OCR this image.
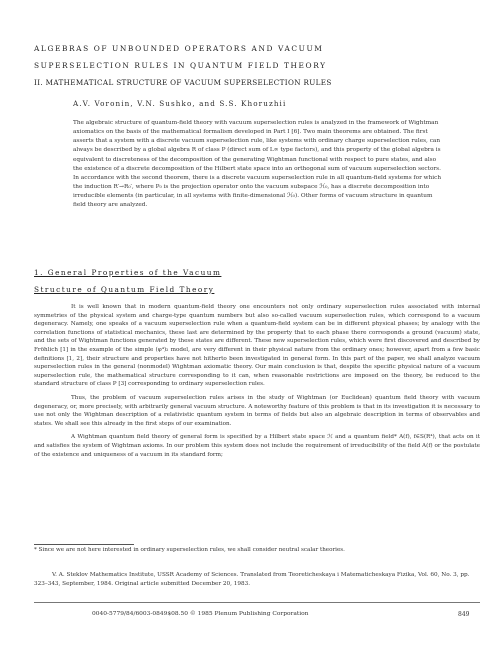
ALGEBRAS OF UNBOUNDED OPERATORS AND VACUUM
SUPERSELECTION RULES IN QUANTUM FIELD THEORY
II. MATHEMATICAL STRUCTURE OF VACUUM SUPERSELECTION RULES
A.V. Voronin, V.N. Sushko, and S.S. Khoruzhii

The algebraic structure of quantum-field theory with vacuum superselection rules is analyzed in the framework of Wightman axiomatics on the basis of the mathematical formalism developed in Part I [6]. Two main theorems are obtained. The first asserts that a system with a discrete vacuum superselection rule, like systems with ordinary charge superselection rules, can always be described by a global algebra R of class P (direct sum of L∞ type factors), and this property of the global algebra is equivalent to discreteness of the decomposition of the generating Wightman functional with respect to pure states, and also the existence of a discrete decomposition of the Hilbert state space into an orthogonal sum of vacuum superselection sectors. In accordance with the second theorem, there is a discrete vacuum superselection rule in all quantum-field systems for which the induction R′→R₀′, where P₀ is the projection operator onto the vacuum subspace ℋ₀, has a discrete decomposition into irreducible elements (in particular, in all systems with finite-dimensional ℋ₀). Other forms of vacuum structure in quantum field theory are analyzed.

1. General Properties of the Vacuum
Structure of Quantum Field Theory

It is well known that in modern quantum-field theory one encounters not only ordinary superselection rules associated with internal symmetries of the physical system and charge-type quantum numbers but also so-called vacuum superselection rules, which correspond to a vacuum degeneracy. Namely, one speaks of a vacuum superselection rule when a quantum-field system can be in different physical phases; by analogy with the correlation functions of statistical mechanics, these last are determined by the property that to each phase there corresponds a ground (vacuum) state, and the sets of Wightman functions generated by these states are different. These new superselection rules, which were first discovered and described by Fröhlich [1] in the example of the simple (φ⁴)₂ model, are very different in their physical nature from the ordinary ones; however, apart from a few basic definitions [1, 2], their structure and properties have not hitherto been investigated in general form. In this part of the paper, we shall analyze vacuum superselection rules in the general (nonmodel) Wightman axiomatic theory. Our main conclusion is that, despite the specific physical nature of a vacuum superselection rule, the mathematical structure corresponding to it can, when reasonable restrictions are imposed on the theory, be reduced to the standard structure of class P [3] corresponding to ordinary superselection rules.

Thus, the problem of vacuum superselection rules arises in the study of Wightman (or Euclidean) quantum field theory with vacuum degeneracy, or, more precisely, with arbitrarily general vacuum structure. A noteworthy feature of this problem is that in its investigation it is necessary to use not only the Wightman description of a relativistic quantum system in terms of fields but also an algebraic description in terms of observables and states. We shall see this already in the first steps of our examination.

A Wightman quantum field theory of general form is specified by a Hilbert state space ℋ and a quantum field* A(f), f∈S(R⁴), that acts on it and satisfies the system of Wightman axioms. In our problem this system does not include the requirement of irreducibility of the field A(f) or the postulate of the existence and uniqueness of a vacuum in its standard form;

* Since we are not here interested in ordinary superselection rules, we shall consider neutral scalar theories.
V. A. Steklov Mathematics Institute, USSR Academy of Sciences. Translated from Teoreticheskaya i Matematicheskaya Fizika, Vol. 60, No. 3, pp. 323–343, September, 1984. Original article submitted December 20, 1983.
0040-5779/84/6003-0849$08.50 © 1985 Plenum Publishing Corporation	849
